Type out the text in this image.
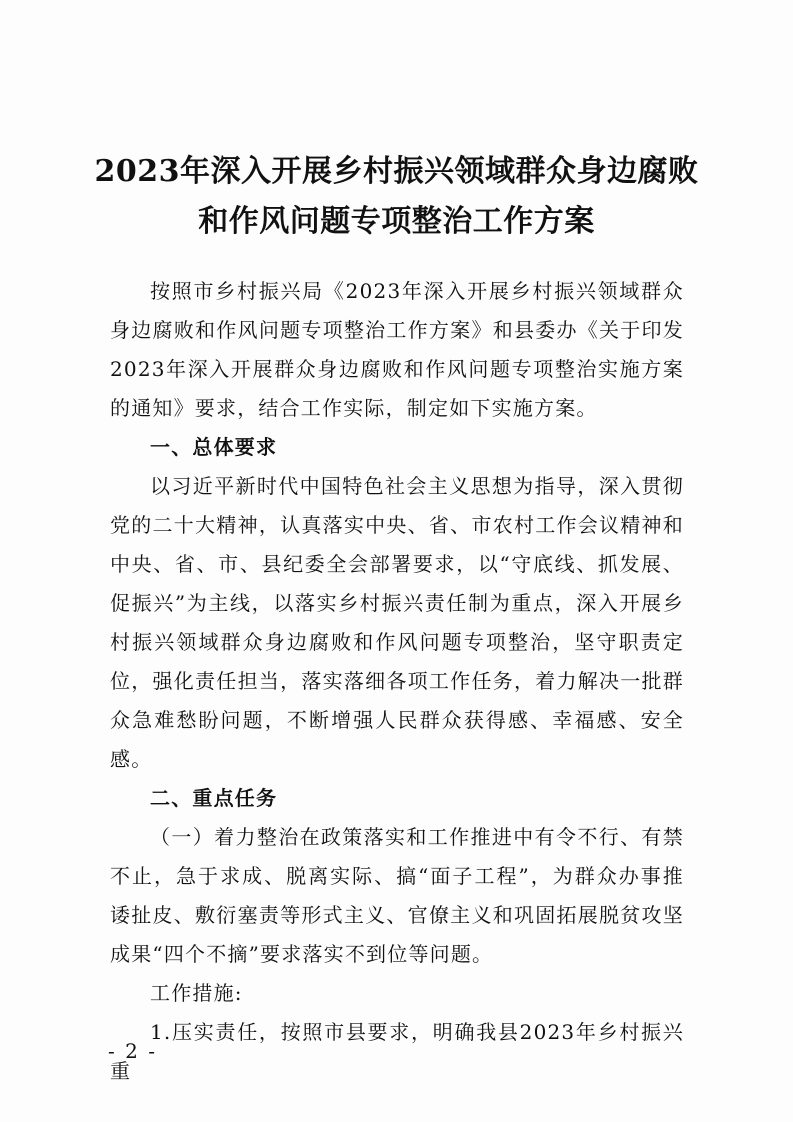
2023年深入开展乡村振兴领域群众身边腐败
和作风问题专项整治工作方案

按照市乡村振兴局《2023年深入开展乡村振兴领域群众身边腐败和作风问题专项整治工作方案》和县委办《关于印发2023年深入开展群众身边腐败和作风问题专项整治实施方案的通知》要求，结合工作实际，制定如下实施方案。

一、总体要求

以习近平新时代中国特色社会主义思想为指导，深入贯彻党的二十大精神，认真落实中央、省、市农村工作会议精神和中央、省、市、县纪委全会部署要求，以“守底线、抓发展、促振兴”为主线，以落实乡村振兴责任制为重点，深入开展乡村振兴领域群众身边腐败和作风问题专项整治，坚守职责定位，强化责任担当，落实落细各项工作任务，着力解决一批群众急难愁盼问题，不断增强人民群众获得感、幸福感、安全感。

二、重点任务

（一）着力整治在政策落实和工作推进中有令不行、有禁不止，急于求成、脱离实际、搞“面子工程”，为群众办事推诿扯皮、敷衍塞责等形式主义、官僚主义和巩固拓展脱贫攻坚成果“四个不摘”要求落实不到位等问题。

工作措施:

1.压实责任，按照市县要求，明确我县2023年乡村振兴重

- 2 -
